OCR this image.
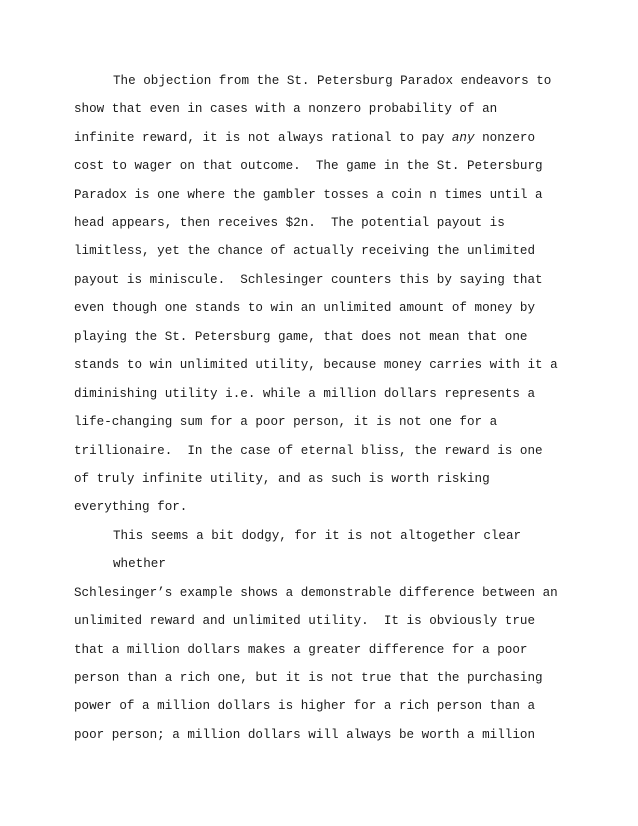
The objection from the St. Petersburg Paradox endeavors to
show that even in cases with a nonzero probability of an
infinite reward, it is not always rational to pay any nonzero
cost to wager on that outcome.  The game in the St. Petersburg
Paradox is one where the gambler tosses a coin n times until a
head appears, then receives $2n.  The potential payout is
limitless, yet the chance of actually receiving the unlimited
payout is miniscule.  Schlesinger counters this by saying that
even though one stands to win an unlimited amount of money by
playing the St. Petersburg game, that does not mean that one
stands to win unlimited utility, because money carries with it a
diminishing utility i.e. while a million dollars represents a
life-changing sum for a poor person, it is not one for a
trillionaire.  In the case of eternal bliss, the reward is one
of truly infinite utility, and as such is worth risking
everything for.
This seems a bit dodgy, for it is not altogether clear
whether
Schlesinger’s example shows a demonstrable difference between an
unlimited reward and unlimited utility.  It is obviously true
that a million dollars makes a greater difference for a poor
person than a rich one, but it is not true that the purchasing
power of a million dollars is higher for a rich person than a
poor person; a million dollars will always be worth a million
